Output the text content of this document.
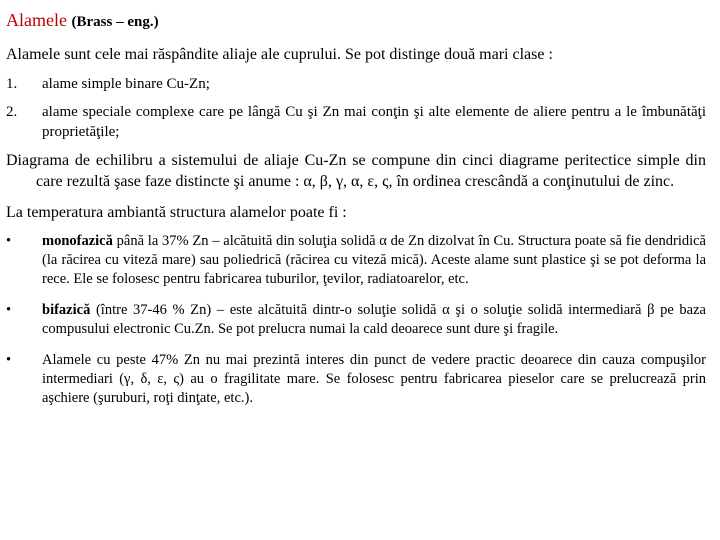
Alamele (Brass – eng.)

Alamele sunt cele mai răspândite aliaje ale cuprului. Se pot distinge două mari clase :

1.	alame simple binare Cu-Zn;
2.	alame speciale complexe care pe lângă Cu şi Zn mai conţin şi alte elemente de aliere pentru a le îmbunătăţi proprietăţile;

Diagrama de echilibru a sistemului de aliaje Cu-Zn se compune din cinci diagrame peritectice simple din care rezultă şase faze distincte şi anume : α, β, γ, α, ε, ς, în ordinea crescândă a conţinutului de zinc.

La temperatura ambiantă structura alamelor poate fi :

•	monofazică până la 37% Zn – alcătuită din soluţia solidă α de Zn dizolvat în Cu. Structura poate să fie dendridică (la răcirea cu viteză mare) sau poliedrică (răcirea cu viteză mică). Aceste alame sunt plastice şi se pot deforma la rece. Ele se folosesc pentru fabricarea tuburilor, ţevilor, radiatoarelor, etc.
•	bifazică (între 37-46 % Zn) – este alcătuită dintr-o soluţie solidă α şi o soluţie solidă intermediară β pe baza compusului electronic Cu.Zn. Se pot prelucra numai la cald deoarece sunt dure şi fragile.
•	Alamele cu peste 47% Zn nu mai prezintă interes din punct de vedere practic deoarece din cauza compuşilor intermediari (γ, δ, ε, ς) au o fragilitate mare. Se folosesc pentru fabricarea pieselor care se prelucrează prin aşchiere (şuruburi, roţi dinţate, etc.).
